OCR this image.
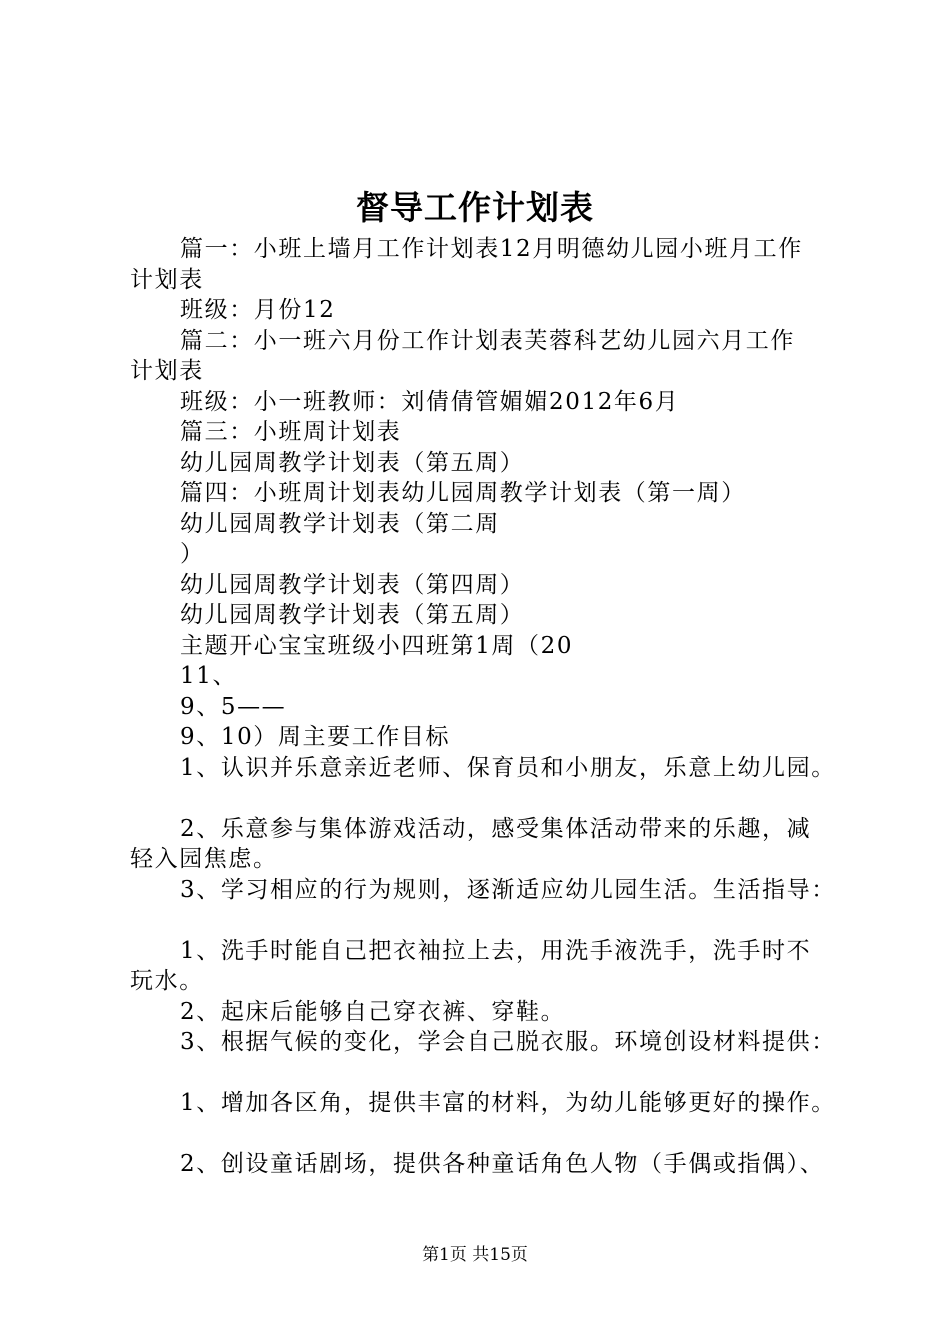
督导工作计划表
篇一：小班上墙月工作计划表12月明德幼儿园小班月工作
计划表
班级：月份12
篇二：小一班六月份工作计划表芙蓉科艺幼儿园六月工作
计划表
班级：小一班教师：刘倩倩管媚媚2012年6月
篇三：小班周计划表
幼儿园周教学计划表（第五周）
篇四：小班周计划表幼儿园周教学计划表（第一周）
幼儿园周教学计划表（第二周
）
幼儿园周教学计划表（第四周）
幼儿园周教学计划表（第五周）
主题开心宝宝班级小四班第1周（20
11、
9、5——
9、10）周主要工作目标
1、认识并乐意亲近老师、保育员和小朋友，乐意上幼儿园。
2、乐意参与集体游戏活动，感受集体活动带来的乐趣，减
轻入园焦虑。
3、学习相应的行为规则，逐渐适应幼儿园生活。生活指导：
1、洗手时能自己把衣袖拉上去，用洗手液洗手，洗手时不
玩水。
2、起床后能够自己穿衣裤、穿鞋。
3、根据气候的变化，学会自己脱衣服。环境创设材料提供：
1、增加各区角，提供丰富的材料，为幼儿能够更好的操作。
2、创设童话剧场，提供各种童话角色人物（手偶或指偶）、
第1页 共15页
